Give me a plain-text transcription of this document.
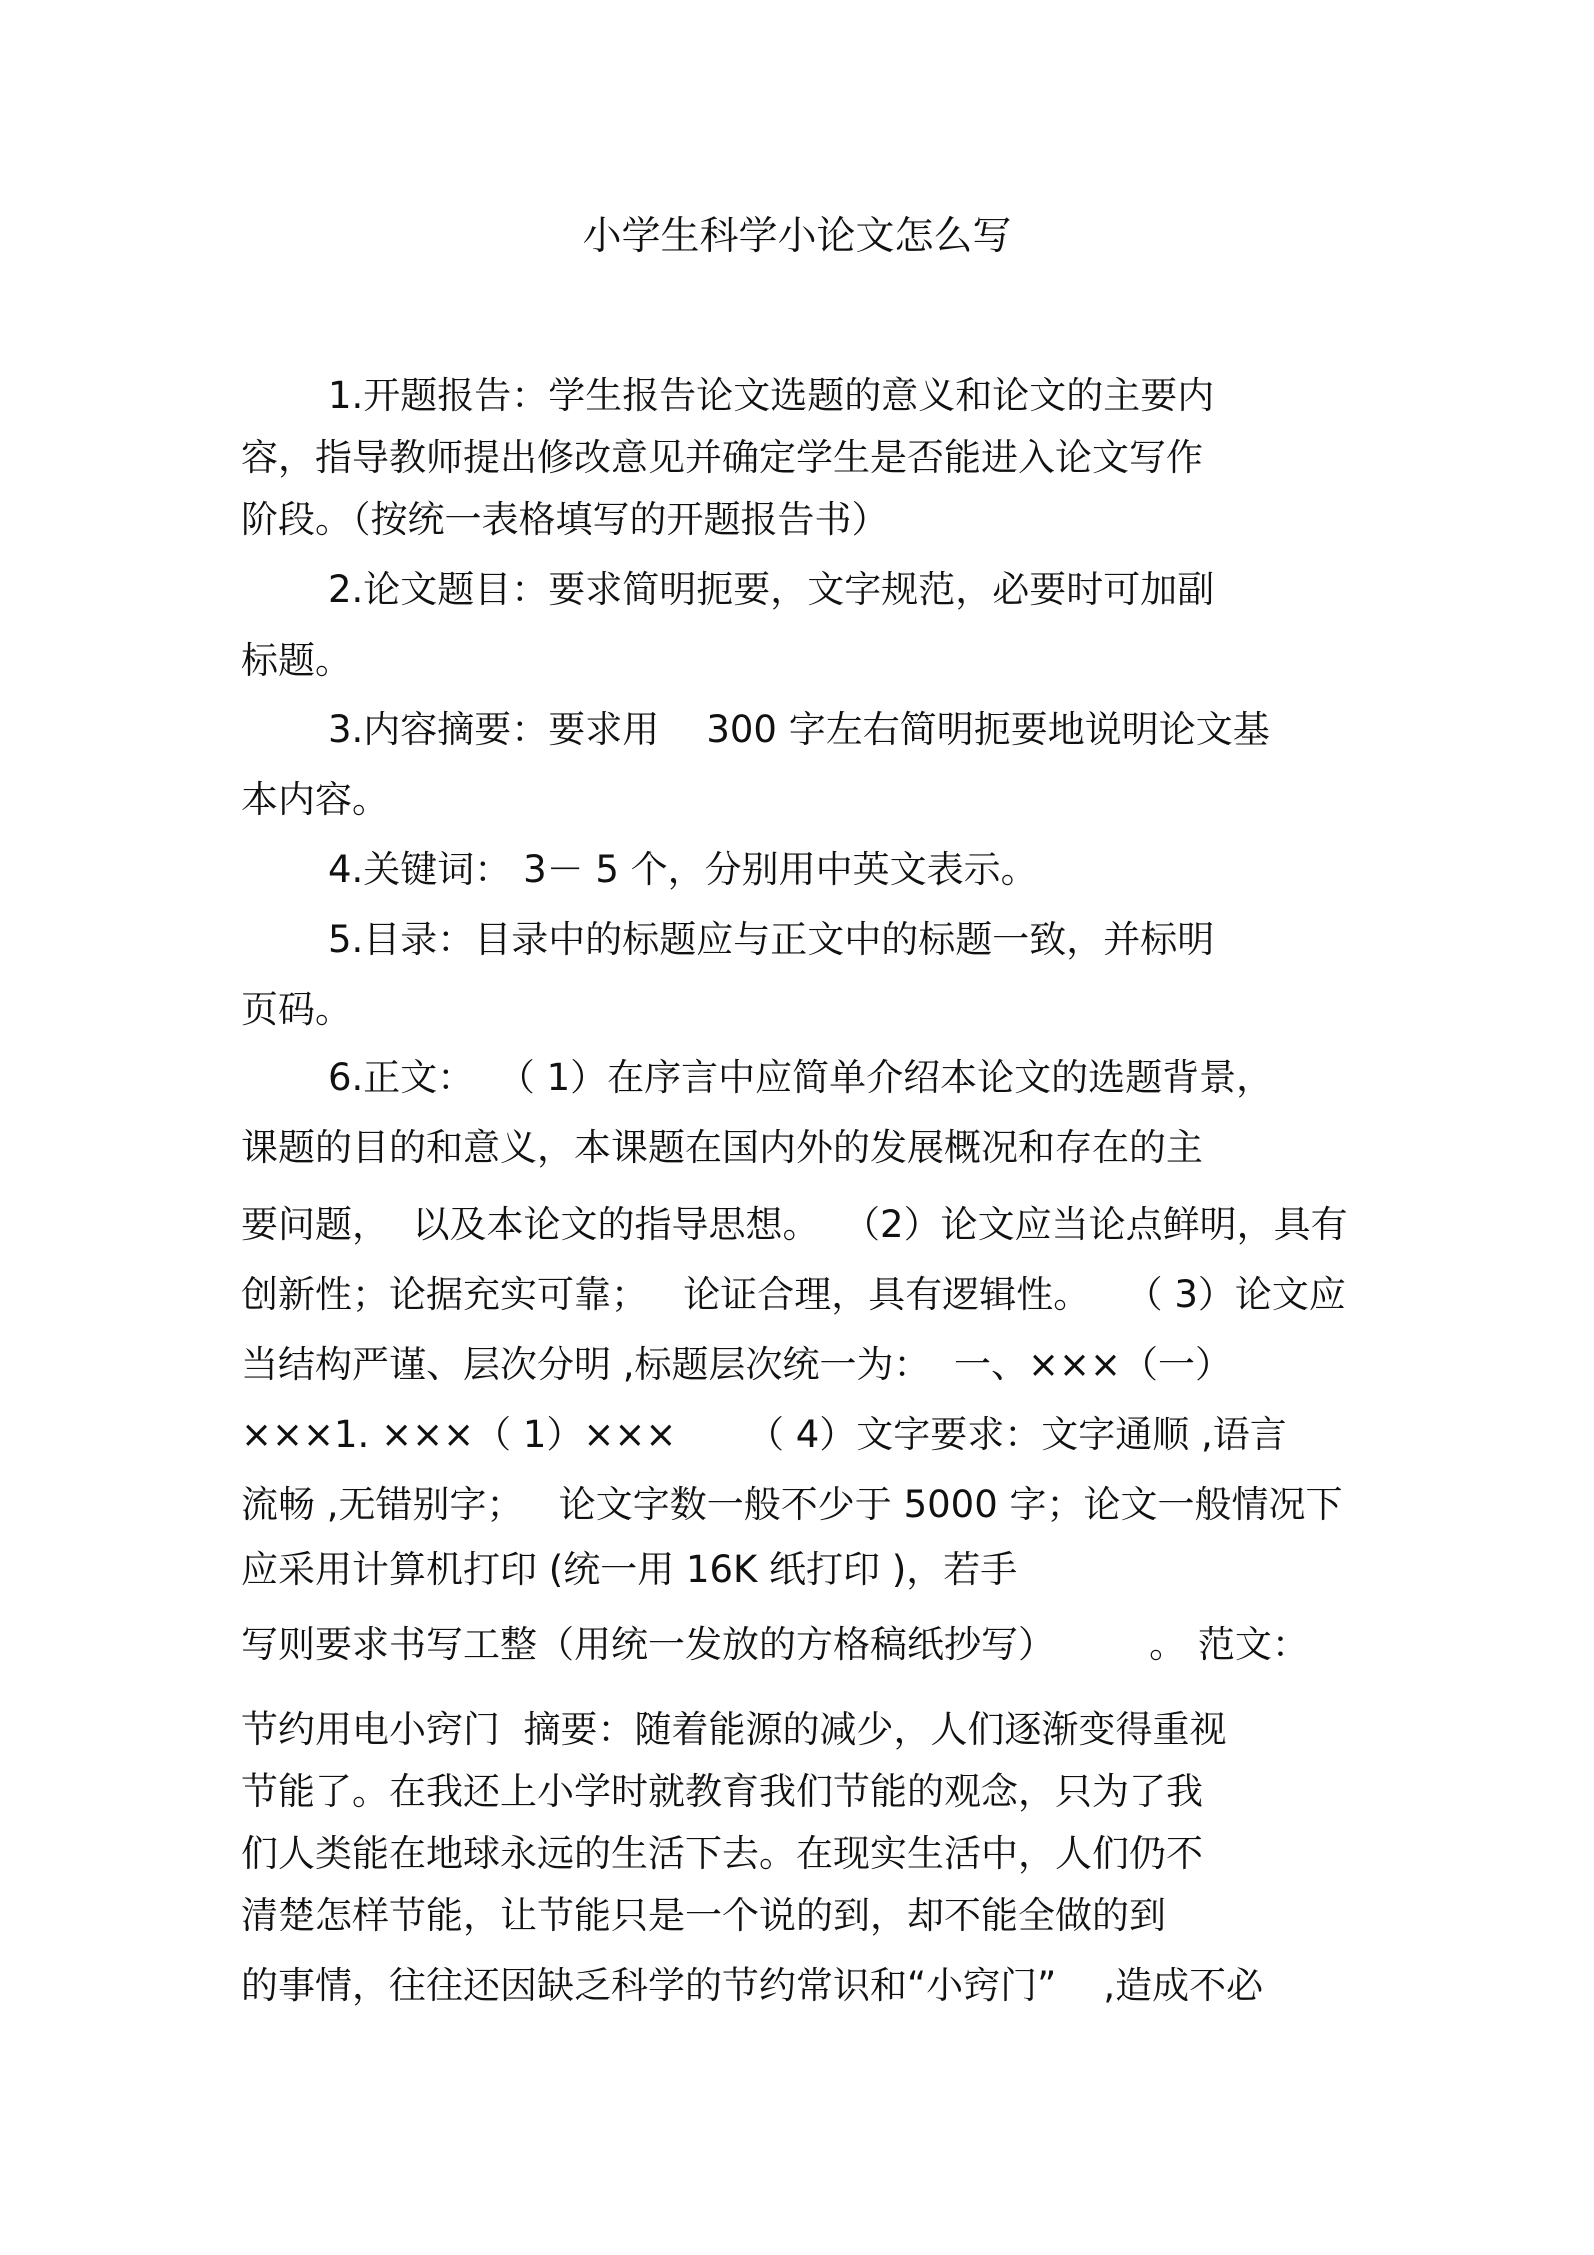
小学生科学小论文怎么写
1.开题报告：学生报告论文选题的意义和论文的主要内
容，指导教师提出修改意见并确定学生是否能进入论文写作
阶段。（按统一表格填写的开题报告书）
2.论文题目：要求简明扼要，文字规范，必要时可加副
标题。
3.内容摘要：要求用    300 字左右简明扼要地说明论文基
本内容。
4.关键词： 3－ 5 个，分别用中英文表示。
5.目录：目录中的标题应与正文中的标题一致，并标明
页码。
6.正文：  （ 1）在序言中应简单介绍本论文的选题背景，
课题的目的和意义，本课题在国内外的发展概况和存在的主
要问题，  以及本论文的指导思想。  （2）论文应当论点鲜明，具有
创新性；论据充实可靠；   论证合理，具有逻辑性。   （ 3）论文应
当结构严谨、层次分明 ,标题层次统一为：  一、×××（一）
×××1. ×××（ 1）×××      （ 4）文字要求：文字通顺 ,语言
流畅 ,无错别字；   论文字数一般不少于 5000 字；论文一般情况下
应采用计算机打印 (统一用 16K 纸打印 )，若手
写则要求书写工整（用统一发放的方格稿纸抄写）        。 范文：
节约用电小窍门  摘要：随着能源的减少，人们逐渐变得重视
节能了。在我还上小学时就教育我们节能的观念，只为了我
们人类能在地球永远的生活下去。在现实生活中，人们仍不
清楚怎样节能，让节能只是一个说的到，却不能全做的到
的事情，往往还因缺乏科学的节约常识和“小窍门”    ,造成不必
